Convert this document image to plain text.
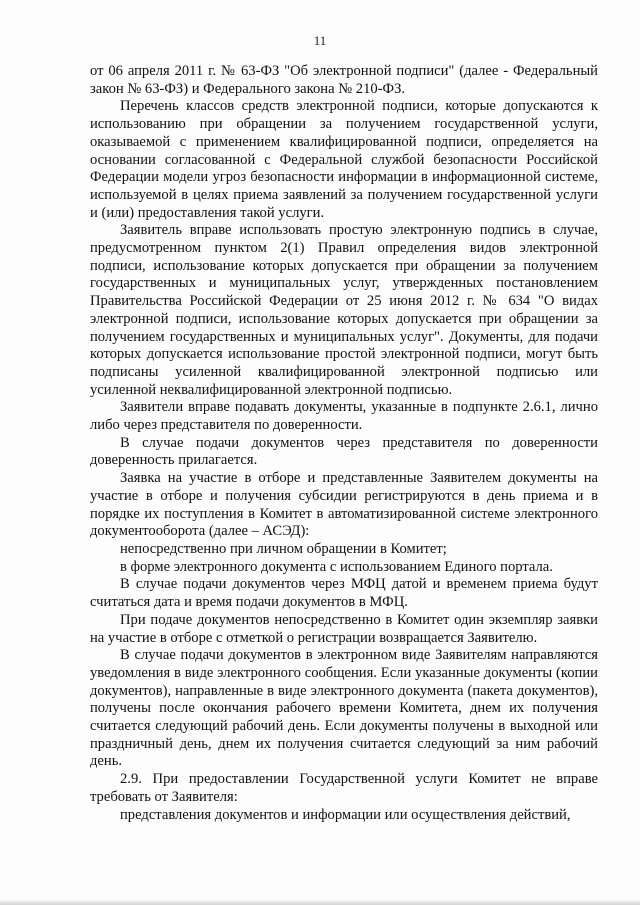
11

от 06 апреля 2011 г. № 63-ФЗ "Об электронной подписи" (далее - Федеральный закон № 63-ФЗ) и Федерального закона № 210-ФЗ.

Перечень классов средств электронной подписи, которые допускаются к использованию при обращении за получением государственной услуги, оказываемой с применением квалифицированной подписи, определяется на основании согласованной с Федеральной службой безопасности Российской Федерации модели угроз безопасности информации в информационной системе, используемой в целях приема заявлений за получением государственной услуги и (или) предоставления такой услуги.

Заявитель вправе использовать простую электронную подпись в случае, предусмотренном пунктом 2(1) Правил определения видов электронной подписи, использование которых допускается при обращении за получением государственных и муниципальных услуг, утвержденных постановлением Правительства Российской Федерации от 25 июня 2012 г. № 634 "О видах электронной подписи, использование которых допускается при обращении за получением государственных и муниципальных услуг". Документы, для подачи которых допускается использование простой электронной подписи, могут быть подписаны усиленной квалифицированной электронной подписью или усиленной неквалифицированной электронной подписью.

Заявители вправе подавать документы, указанные в подпункте 2.6.1, лично либо через представителя по доверенности.

В случае подачи документов через представителя по доверенности доверенность прилагается.

Заявка на участие в отборе и представленные Заявителем документы на участие в отборе и получения субсидии регистрируются в день приема и в порядке их поступления в Комитет в автоматизированной системе электронного документооборота (далее – АСЭД):

непосредственно при личном обращении в Комитет;

в форме электронного документа с использованием Единого портала.

В случае подачи документов через МФЦ датой и временем приема будут считаться дата и время подачи документов в МФЦ.

При подаче документов непосредственно в Комитет один экземпляр заявки на участие в отборе с отметкой о регистрации возвращается Заявителю.

В случае подачи документов в электронном виде Заявителям направляются уведомления в виде электронного сообщения. Если указанные документы (копии документов), направленные в виде электронного документа (пакета документов), получены после окончания рабочего времени Комитета, днем их получения считается следующий рабочий день. Если документы получены в выходной или праздничный день, днем их получения считается следующий за ним рабочий день.

2.9. При предоставлении Государственной услуги Комитет не вправе требовать от Заявителя:

представления документов и информации или осуществления действий,
